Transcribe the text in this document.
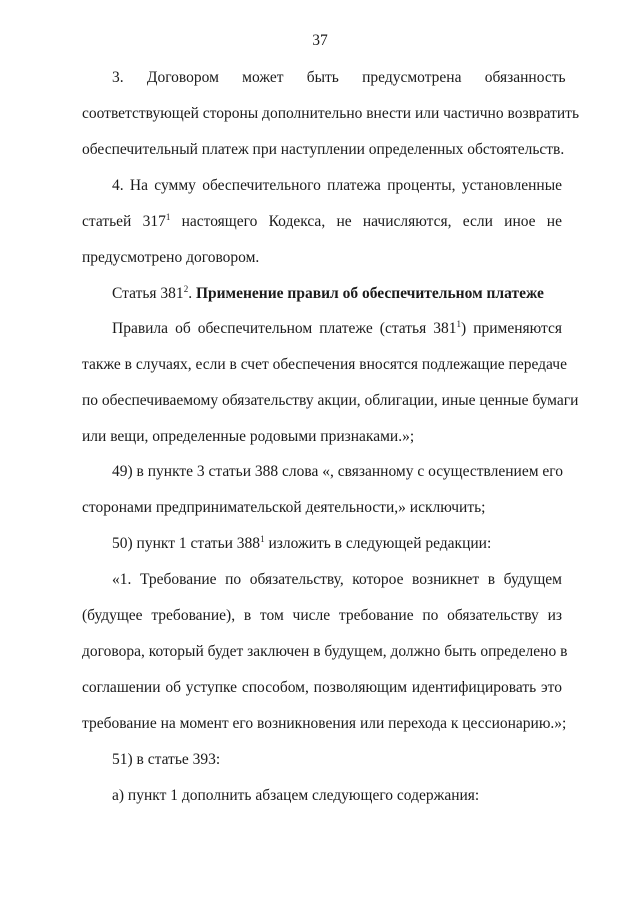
37
3.      Договором      может      быть      предусмотрена      обязанность
соответствующей стороны дополнительно внести или частично возвратить
обеспечительный платеж при наступлении определенных обстоятельств.
4. На сумму обеспечительного платежа проценты, установленные
статьей $317^1$ настоящего Кодекса, не начисляются, если иное не
предусмотрено договором.
Статья $381^2$. Применение правил об обеспечительном платеже
Правила об обеспечительном платеже (статья $381^1$) применяются
также в случаях, если в счет обеспечения вносятся подлежащие передаче
по обеспечиваемому обязательству акции, облигации, иные ценные бумаги
или вещи, определенные родовыми признаками.»;
49) в пункте 3 статьи 388 слова «, связанному с осуществлением его
сторонами предпринимательской деятельности,» исключить;
50) пункт 1 статьи $388^1$ изложить в следующей редакции:
«1. Требование по обязательству, которое возникнет в будущем
(будущее требование), в том числе требование по обязательству из
договора, который будет заключен в будущем, должно быть определено в
соглашении об уступке способом, позволяющим идентифицировать это
требование на момент его возникновения или перехода к цессионарию.»;
51) в статье 393:
а) пункт 1 дополнить абзацем следующего содержания:
